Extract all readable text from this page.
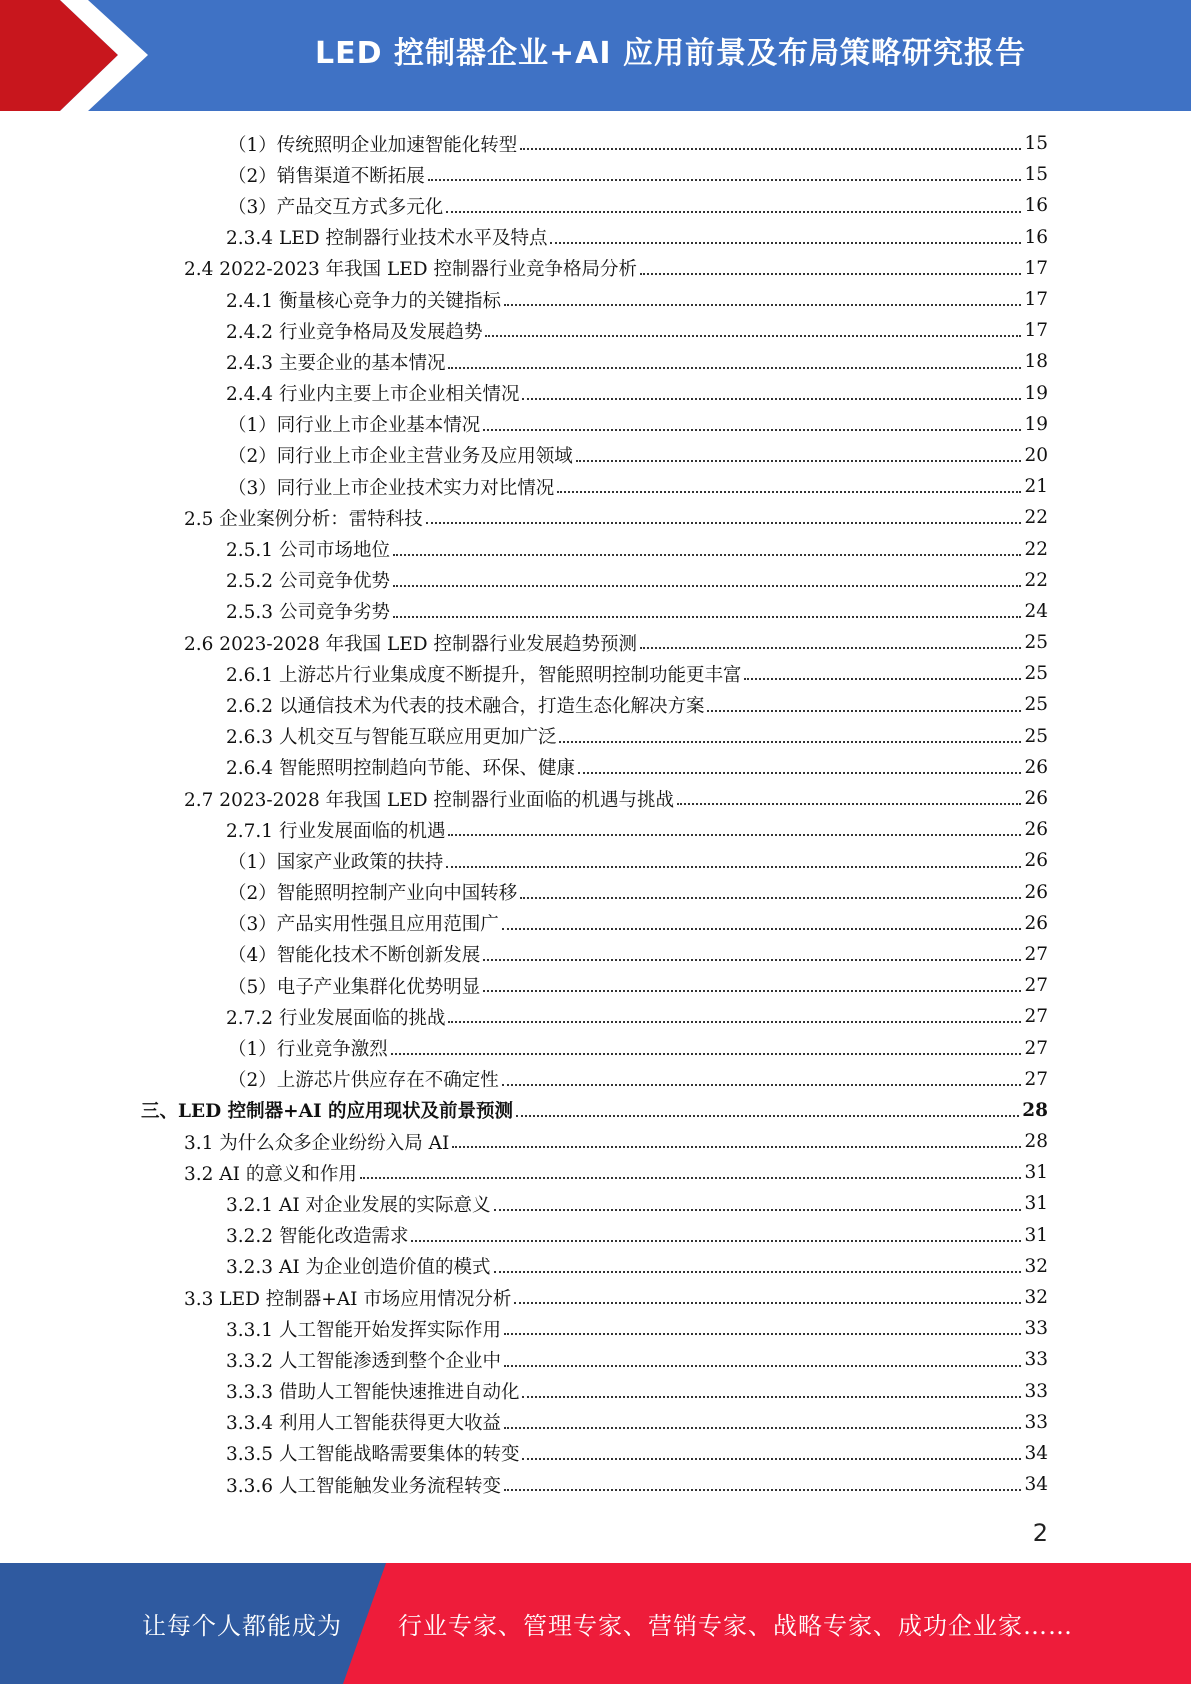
LED 控制器企业+AI 应用前景及布局策略研究报告
（1）传统照明企业加速智能化转型	15
（2）销售渠道不断拓展	15
（3）产品交互方式多元化	16
2.3.4 LED 控制器行业技术水平及特点	16
2.4 2022-2023 年我国 LED 控制器行业竞争格局分析	17
2.4.1 衡量核心竞争力的关键指标	17
2.4.2 行业竞争格局及发展趋势	17
2.4.3 主要企业的基本情况	18
2.4.4 行业内主要上市企业相关情况	19
（1）同行业上市企业基本情况	19
（2）同行业上市企业主营业务及应用领域	20
（3）同行业上市企业技术实力对比情况	21
2.5 企业案例分析：雷特科技	22
2.5.1 公司市场地位	22
2.5.2 公司竞争优势	22
2.5.3 公司竞争劣势	24
2.6 2023-2028 年我国 LED 控制器行业发展趋势预测	25
2.6.1 上游芯片行业集成度不断提升，智能照明控制功能更丰富	25
2.6.2 以通信技术为代表的技术融合，打造生态化解决方案	25
2.6.3 人机交互与智能互联应用更加广泛	25
2.6.4 智能照明控制趋向节能、环保、健康	26
2.7 2023-2028 年我国 LED 控制器行业面临的机遇与挑战	26
2.7.1 行业发展面临的机遇	26
（1）国家产业政策的扶持	26
（2）智能照明控制产业向中国转移	26
（3）产品实用性强且应用范围广	26
（4）智能化技术不断创新发展	27
（5）电子产业集群化优势明显	27
2.7.2 行业发展面临的挑战	27
（1）行业竞争激烈	27
（2）上游芯片供应存在不确定性	27
三、LED 控制器+AI 的应用现状及前景预测	28
3.1 为什么众多企业纷纷入局 AI	28
3.2 AI 的意义和作用	31
3.2.1 AI 对企业发展的实际意义	31
3.2.2 智能化改造需求	31
3.2.3 AI 为企业创造价值的模式	32
3.3 LED 控制器+AI 市场应用情况分析	32
3.3.1 人工智能开始发挥实际作用	33
3.3.2 人工智能渗透到整个企业中	33
3.3.3 借助人工智能快速推进自动化	33
3.3.4 利用人工智能获得更大收益	33
3.3.5 人工智能战略需要集体的转变	34
3.3.6 人工智能触发业务流程转变	34
2
让每个人都能成为 行业专家、管理专家、营销专家、战略专家、成功企业家……
